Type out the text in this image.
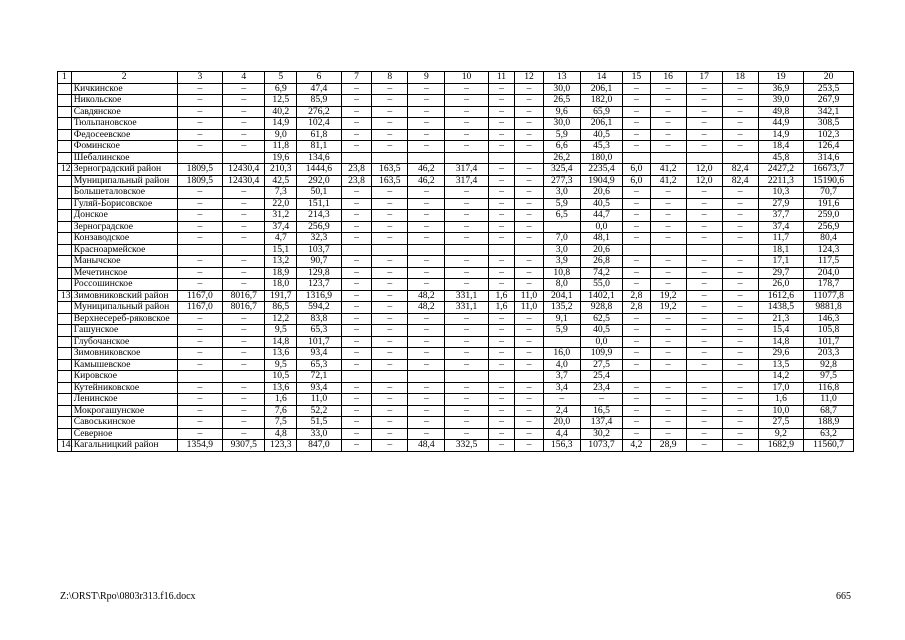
1	2	3	4	5	6	7	8	9	10	11	12	13	14	15	16	17	18	19	20
	Кичкинское	–	–	6,9	47,4	–	–	–	–	–	–	30,0	206,1	–	–	–	–	36,9	253,5
	Никольское	–	–	12,5	85,9	–	–	–	–	–	–	26,5	182,0	–	–	–	–	39,0	267,9
	Савдянское	–	–	40,2	276,2	–	–	–	–	–	–	9,6	65,9	–	–	–	–	49,8	342,1
	Тюльпановское	–	–	14,9	102,4	–	–	–	–	–	–	30,0	206,1	–	–	–	–	44,9	308,5
	Федосеевское	–	–	9,0	61,8	–	–	–	–	–	–	5,9	40,5	–	–	–	–	14,9	102,3
	Фоминское	–	–	11,8	81,1	–	–	–	–	–	–	6,6	45,3	–	–	–	–	18,4	126,4
	Шебалинское			19,6	134,6							26,2	180,0					45,8	314,6
12.	Зерноградский район	1809,5	12430,4	210,3	1444,6	23,8	163,5	46,2	317,4	–	–	325,4	2235,4	6,0	41,2	12,0	82,4	2427,2	16673,7
	Муниципальный район	1809,5	12430,4	42,5	292,0	23,8	163,5	46,2	317,4	–	–	277,3	1904,9	6,0	41,2	12,0	82,4	2211,3	15190,6
	Большеталовское	–	–	7,3	50,1	–	–	–	–	–	–	3,0	20,6	–	–	–	–	10,3	70,7
	Гуляй-Борисовское	–	–	22,0	151,1	–	–	–	–	–	–	5,9	40,5	–	–	–	–	27,9	191,6
	Донское	–	–	31,2	214,3	–	–	–	–	–	–	6,5	44,7	–	–	–	–	37,7	259,0
	Зерноградское	–	–	37,4	256,9	–	–	–	–	–	–		0,0	–	–	–	–	37,4	256,9
	Конзаводское	–	–	4,7	32,3	–	–	–	–	–	–	7,0	48,1	–	–	–	–	11,7	80,4
	Красноармейское			15,1	103,7							3,0	20,6					18,1	124,3
	Манычское	–	–	13,2	90,7	–	–	–	–	–	–	3,9	26,8	–	–	–	–	17,1	117,5
	Мечетинское	–	–	18,9	129,8	–	–	–	–	–	–	10,8	74,2	–	–	–	–	29,7	204,0
	Россошинское	–	–	18,0	123,7	–	–	–	–	–	–	8,0	55,0	–	–	–	–	26,0	178,7
13.	Зимовниковский район	1167,0	8016,7	191,7	1316,9	–	–	48,2	331,1	1,6	11,0	204,1	1402,1	2,8	19,2	–	–	1612,6	11077,8
	Муниципальный район	1167,0	8016,7	86,5	594,2	–	–	48,2	331,1	1,6	11,0	135,2	928,8	2,8	19,2	–	–	1438,5	9881,8
	Верхнесереб-ряковское	–	–	12,2	83,8	–	–	–	–	–	–	9,1	62,5	–	–	–	–	21,3	146,3
	Гашунское	–	–	9,5	65,3	–	–	–	–	–	–	5,9	40,5	–	–	–	–	15,4	105,8
	Глубочанское	–	–	14,8	101,7	–	–	–	–	–	–		0,0	–	–	–	–	14,8	101,7
	Зимовниковское	–	–	13,6	93,4	–	–	–	–	–	–	16,0	109,9	–	–	–	–	29,6	203,3
	Камышевское	–	–	9,5	65,3	–	–	–	–	–	–	4,0	27,5	–	–	–	–	13,5	92,8
	Кировское			10,5	72,1							3,7	25,4					14,2	97,5
	Кутейниковское	–	–	13,6	93,4	–	–	–	–	–	–	3,4	23,4	–	–	–	–	17,0	116,8
	Ленинское	–	–	1,6	11,0	–	–	–	–	–	–	–	–	–	–	–	–	1,6	11,0
	Мокрогашунское	–	–	7,6	52,2	–	–	–	–	–	–	2,4	16,5	–	–	–	–	10,0	68,7
	Савоськинское	–	–	7,5	51,5	–	–	–	–	–	–	20,0	137,4	–	–	–	–	27,5	188,9
	Северное	–	–	4,8	33,0	–	–	–	–	–	–	4,4	30,2	–	–	–	–	9,2	63,2
14.	Кагальницкий район	1354,9	9307,5	123,3	847,0	–	–	48,4	332,5	–	–	156,3	1073,7	4,2	28,9	–	–	1682,9	11560,7
Z:\ORST\Rpo\0803r313.f16.docx	665
